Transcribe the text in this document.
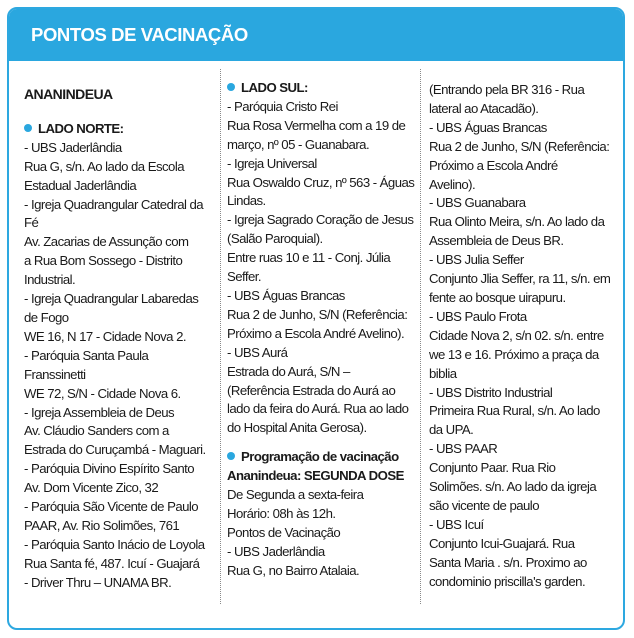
PONTOS DE VACINAÇÃO
ANANINDEUA
LADO NORTE:
- UBS Jaderlândia
Rua G, s/n. Ao lado da Escola
Estadual Jaderlândia
- Igreja Quadrangular Catedral da
Fé
Av. Zacarias de Assunção com
a Rua Bom Sossego - Distrito
Industrial.
- Igreja Quadrangular Labaredas
de Fogo
WE 16, N 17 - Cidade Nova 2.
- Paróquia Santa Paula
Franssinetti
WE 72, S/N - Cidade Nova 6.
- Igreja Assembleia de Deus
Av. Cláudio Sanders com a
Estrada do Curuçambá - Maguari.
- Paróquia Divino Espírito Santo
Av. Dom Vicente Zico, 32
- Paróquia São Vicente de Paulo
PAAR, Av. Rio Solimões, 761
- Paróquia Santo Inácio de Loyola
Rua Santa fé, 487. Icuí - Guajará
- Driver Thru – UNAMA BR.
LADO SUL:
- Paróquia Cristo Rei
Rua Rosa Vermelha com a 19 de
março, nº 05 - Guanabara.
- Igreja Universal
Rua Oswaldo Cruz, nº 563 - Águas
Lindas.
- Igreja Sagrado Coração de Jesus
(Salão Paroquial).
Entre ruas 10 e 11 - Conj. Júlia
Seffer.
- UBS Águas Brancas
Rua 2 de Junho, S/N (Referência:
Próximo a Escola André Avelino).
- UBS Aurá
Estrada do Aurá, S/N –
(Referência Estrada do Aurá ao
lado da feira do Aurá. Rua ao lado
do Hospital Anita Gerosa).
Programação de vacinação
Ananindeua: SEGUNDA DOSE
De Segunda a sexta-feira
Horário: 08h às 12h.
Pontos de Vacinação
- UBS Jaderlândia
Rua G, no Bairro Atalaia.
(Entrando pela BR 316 - Rua
lateral ao Atacadão).
- UBS Águas Brancas
Rua 2 de Junho, S/N (Referência:
Próximo a Escola André
Avelino).
- UBS Guanabara
Rua Olinto Meira, s/n. Ao lado da
Assembleia de Deus BR.
- UBS Julia Seffer
Conjunto Jlia Seffer, ra 11, s/n. em
fente ao bosque uirapuru.
- UBS Paulo Frota
Cidade Nova 2, s/n 02. s/n. entre
we 13 e 16. Próximo a praça da
biblia
- UBS Distrito Industrial
Primeira Rua Rural, s/n. Ao lado
da UPA.
- UBS PAAR
Conjunto Paar. Rua Rio
Solimões. s/n. Ao lado da igreja
são vicente de paulo
- UBS Icuí
Conjunto Icui-Guajará. Rua
Santa Maria . s/n. Proximo ao
condominio priscilla's garden.
